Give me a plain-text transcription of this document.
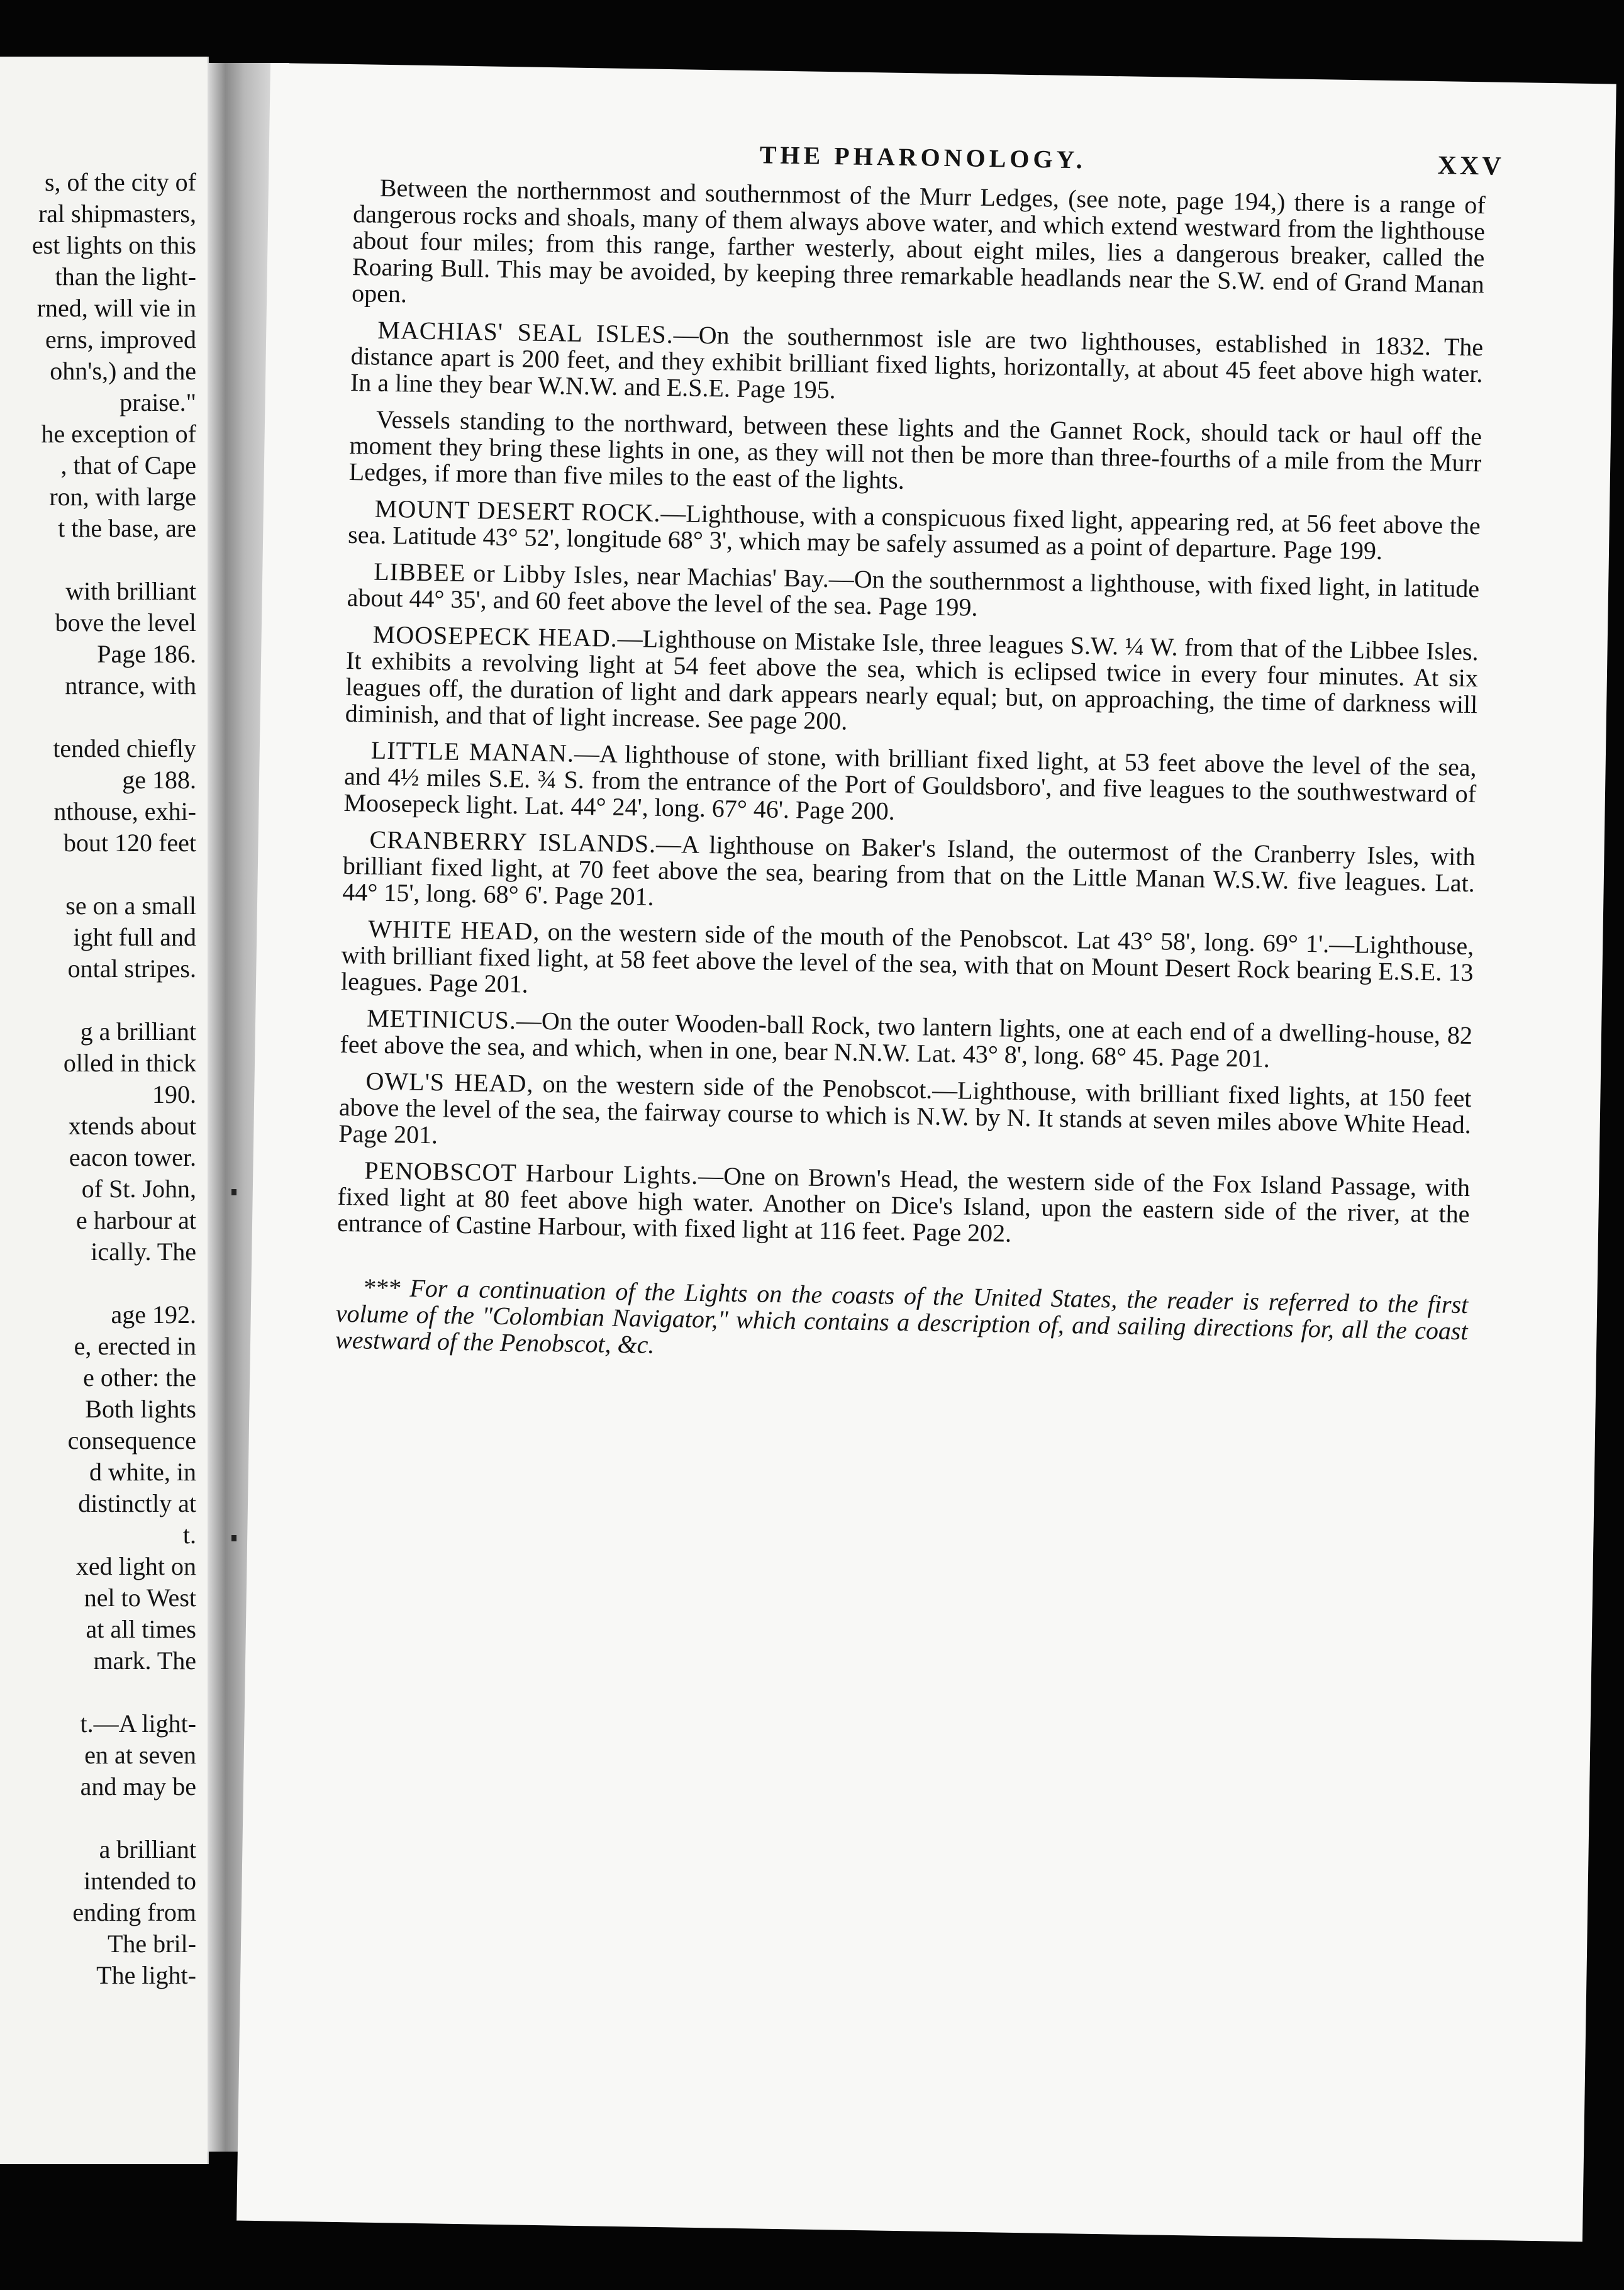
s, of the city of
ral shipmasters,
est lights on this
than the light-
rned, will vie in
erns, improved
ohn's,) and the
praise."
he exception of
, that of Cape
ron, with large
t the base, are
with brilliant
bove the level
Page 186.
ntrance, with
tended chiefly
ge 188.
nthouse, exhi-
bout 120 feet
se on a small
ight full and
ontal stripes.
g a brilliant
olled in thick
190.
xtends about
eacon tower.
of St. John,
e harbour at
ically. The
age 192.
e, erected in
e other: the
Both lights
consequence
d white, in
distinctly at
t.
xed light on
nel to West
at all times
mark. The
t.—A light-
en at seven
and may be
a brilliant
intended to
ending from
The bril-
The light-
THE PHARONOLOGY.	XXV

Between the northernmost and southernmost of the Murr Ledges, (see note, page 194,) there is a range of dangerous rocks and shoals, many of them always above water, and which extend westward from the lighthouse about four miles; from this range, farther westerly, about eight miles, lies a dangerous breaker, called the Roaring Bull. This may be avoided, by keeping three remarkable headlands near the S.W. end of Grand Manan open.

MACHIAS' SEAL ISLES.—On the southernmost isle are two lighthouses, established in 1832. The distance apart is 200 feet, and they exhibit brilliant fixed lights, horizontally, at about 45 feet above high water. In a line they bear W.N.W. and E.S.E. Page 195.

Vessels standing to the northward, between these lights and the Gannet Rock, should tack or haul off the moment they bring these lights in one, as they will not then be more than three-fourths of a mile from the Murr Ledges, if more than five miles to the east of the lights.

MOUNT DESERT ROCK.—Lighthouse, with a conspicuous fixed light, appearing red, at 56 feet above the sea. Latitude 43° 52', longitude 68° 3', which may be safely assumed as a point of departure. Page 199.

LIBBEE or Libby Isles, near Machias' Bay.—On the southernmost a lighthouse, with fixed light, in latitude about 44° 35', and 60 feet above the level of the sea. Page 199.

MOOSEPECK HEAD.—Lighthouse on Mistake Isle, three leagues S.W. ¼ W. from that of the Libbee Isles. It exhibits a revolving light at 54 feet above the sea, which is eclipsed twice in every four minutes. At six leagues off, the duration of light and dark appears nearly equal; but, on approaching, the time of darkness will diminish, and that of light increase. See page 200.

LITTLE MANAN.—A lighthouse of stone, with brilliant fixed light, at 53 feet above the level of the sea, and 4½ miles S.E. ¾ S. from the entrance of the Port of Gouldsboro', and five leagues to the southwestward of Moosepeck light. Lat. 44° 24', long. 67° 46'. Page 200.

CRANBERRY ISLANDS.—A lighthouse on Baker's Island, the outermost of the Cranberry Isles, with brilliant fixed light, at 70 feet above the sea, bearing from that on the Little Manan W.S.W. five leagues. Lat. 44° 15', long. 68° 6'. Page 201.

WHITE HEAD, on the western side of the mouth of the Penobscot. Lat 43° 58', long. 69° 1'.—Lighthouse, with brilliant fixed light, at 58 feet above the level of the sea, with that on Mount Desert Rock bearing E.S.E. 13 leagues. Page 201.

METINICUS.—On the outer Wooden-ball Rock, two lantern lights, one at each end of a dwelling-house, 82 feet above the sea, and which, when in one, bear N.N.W. Lat. 43° 8', long. 68° 45. Page 201.

OWL'S HEAD, on the western side of the Penobscot.—Lighthouse, with brilliant fixed lights, at 150 feet above the level of the sea, the fairway course to which is N.W. by N. It stands at seven miles above White Head. Page 201.

PENOBSCOT Harbour Lights.—One on Brown's Head, the western side of the Fox Island Passage, with fixed light at 80 feet above high water. Another on Dice's Island, upon the eastern side of the river, at the entrance of Castine Harbour, with fixed light at 116 feet. Page 202.

*** For a continuation of the Lights on the coasts of the United States, the reader is referred to the first volume of the "Colombian Navigator," which contains a description of, and sailing directions for, all the coast westward of the Penobscot, &c.
